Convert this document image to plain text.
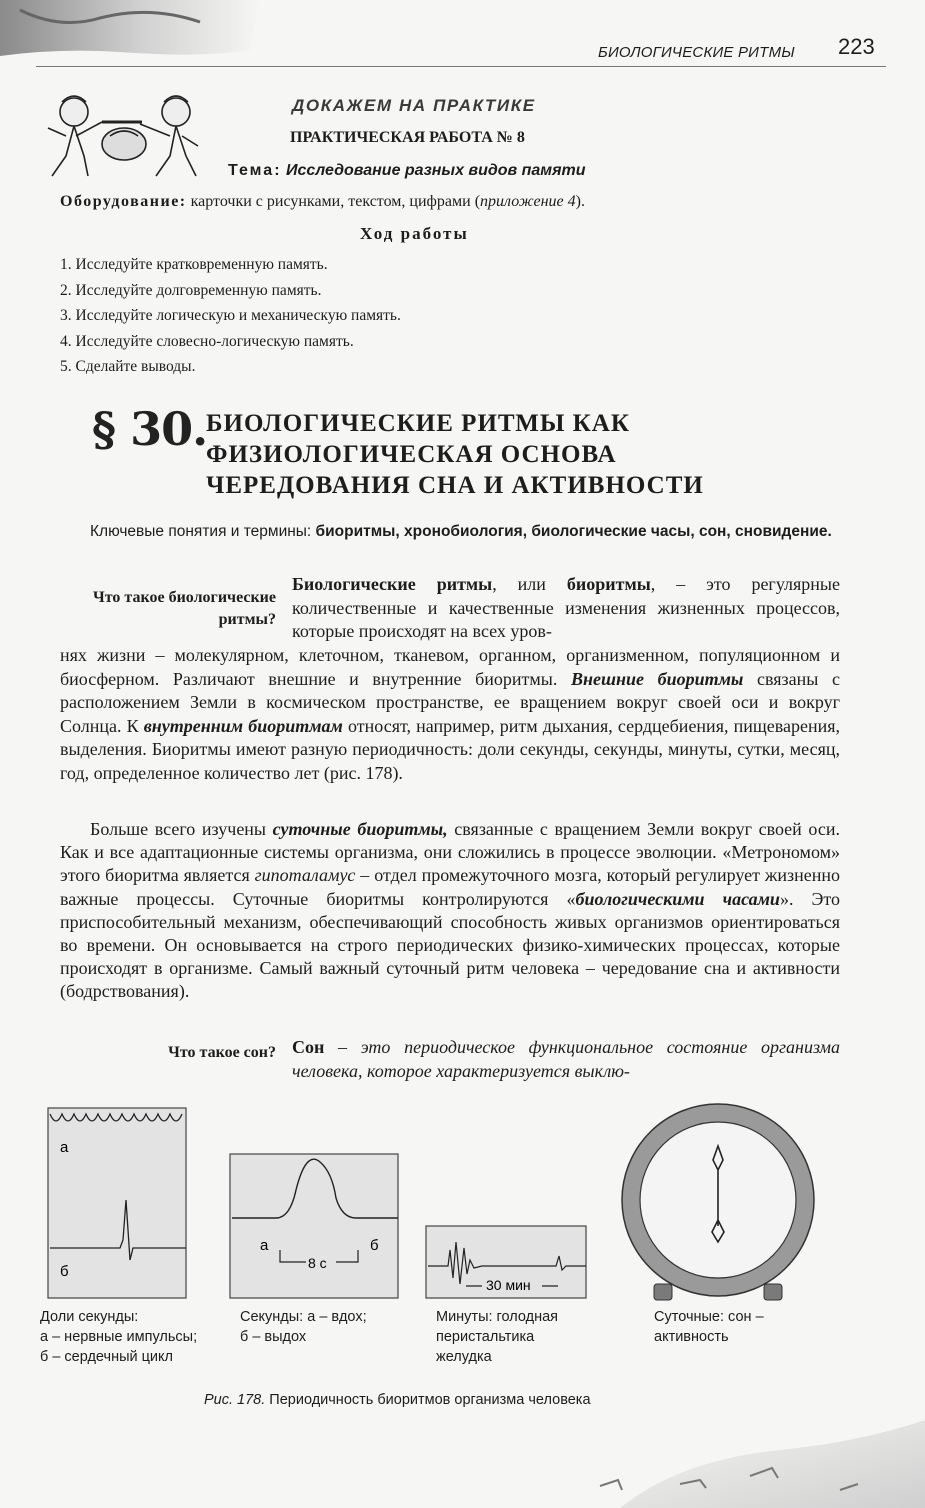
БИОЛОГИЧЕСКИЕ РИТМЫ 223
ДОКАЖЕМ НА ПРАКТИКЕ
ПРАКТИЧЕСКАЯ РАБОТА № 8
Тема: Исследование разных видов памяти
Оборудование: карточки с рисунками, текстом, цифрами (приложение 4).
Ход работы
1. Исследуйте кратковременную память.
2. Исследуйте долговременную память.
3. Исследуйте логическую и механическую память.
4. Исследуйте словесно-логическую память.
5. Сделайте выводы.
§ 30.
БИОЛОГИЧЕСКИЕ РИТМЫ КАК
ФИЗИОЛОГИЧЕСКАЯ ОСНОВА
ЧЕРЕДОВАНИЯ СНА И АКТИВНОСТИ
Ключевые понятия и термины: биоритмы, хронобиология, биологические часы, сон, сновидение.
Что такое биологические ритмы?
Биологические ритмы, или биоритмы, – это регулярные количественные и качественные изменения жизненных процессов, которые происходят на всех уров-
нях жизни – молекулярном, клеточном, тканевом, органном, организменном, популяционном и биосферном. Различают внешние и внутренние биоритмы. Внешние биоритмы связаны с расположением Земли в космическом пространстве, ее вращением вокруг своей оси и вокруг Солнца. К внутренним биоритмам относят, например, ритм дыхания, сердцебиения, пищеварения, выделения. Биоритмы имеют разную периодичность: доли секунды, секунды, минуты, сутки, месяц, год, определенное количество лет (рис. 178).
Больше всего изучены суточные биоритмы, связанные с вращением Земли вокруг своей оси. Как и все адаптационные системы организма, они сложились в процессе эволюции. «Метрономом» этого биоритма является гипоталамус – отдел промежуточного мозга, который регулирует жизненно важные процессы. Суточные биоритмы контролируются «биологическими часами». Это приспособительный механизм, обеспечивающий способность живых организмов ориентироваться во времени. Он основывается на строго периодических физико-химических процессах, которые происходят в организме. Самый важный суточный ритм человека – чередование сна и активности (бодрствования).
Что такое сон? Сон – это периодическое функциональное состояние организма человека, которое характеризуется выклю-
а
б
а	б
8 с
30 мин
Доли секунды:
а – нервные импульсы;
б – сердечный цикл
Секунды: а – вдох;
б – выдох
Минуты: голодная
перистальтика
желудка
Суточные: сон –
активность
Рис. 178. Периодичность биоритмов организма человека
